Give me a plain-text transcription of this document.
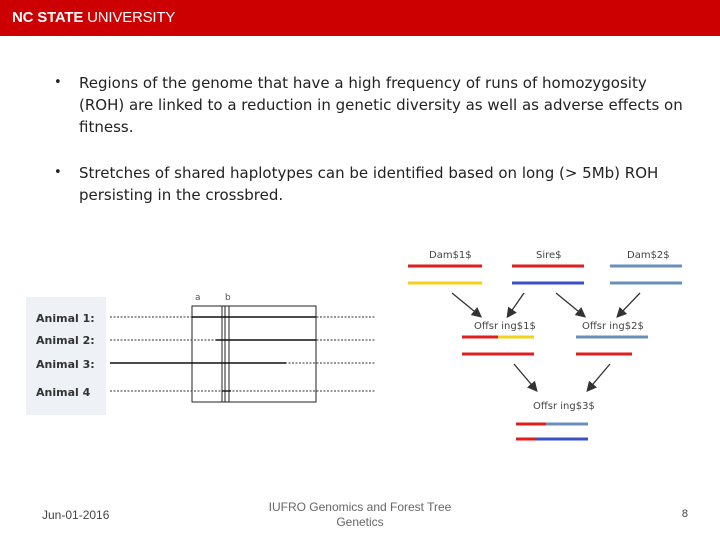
NC STATE UNIVERSITY
• Regions of the genome that have a high frequency of runs of homozygosity (ROH) are linked to a reduction in genetic diversity as well as adverse effects on fitness.
• Stretches of shared haplotypes can be identified based on long (> 5Mb) ROH persisting in the crossbred.
a	b
Animal 1:
Animal 2:
Animal 3:
Animal 4
Dam$1$	Sire$	Dam$2$
Offsr ing$1$	Offsr ing$2$
Offsr ing$3$
Jun-01-2016
IUFRO Genomics and Forest Tree Genetics
8
